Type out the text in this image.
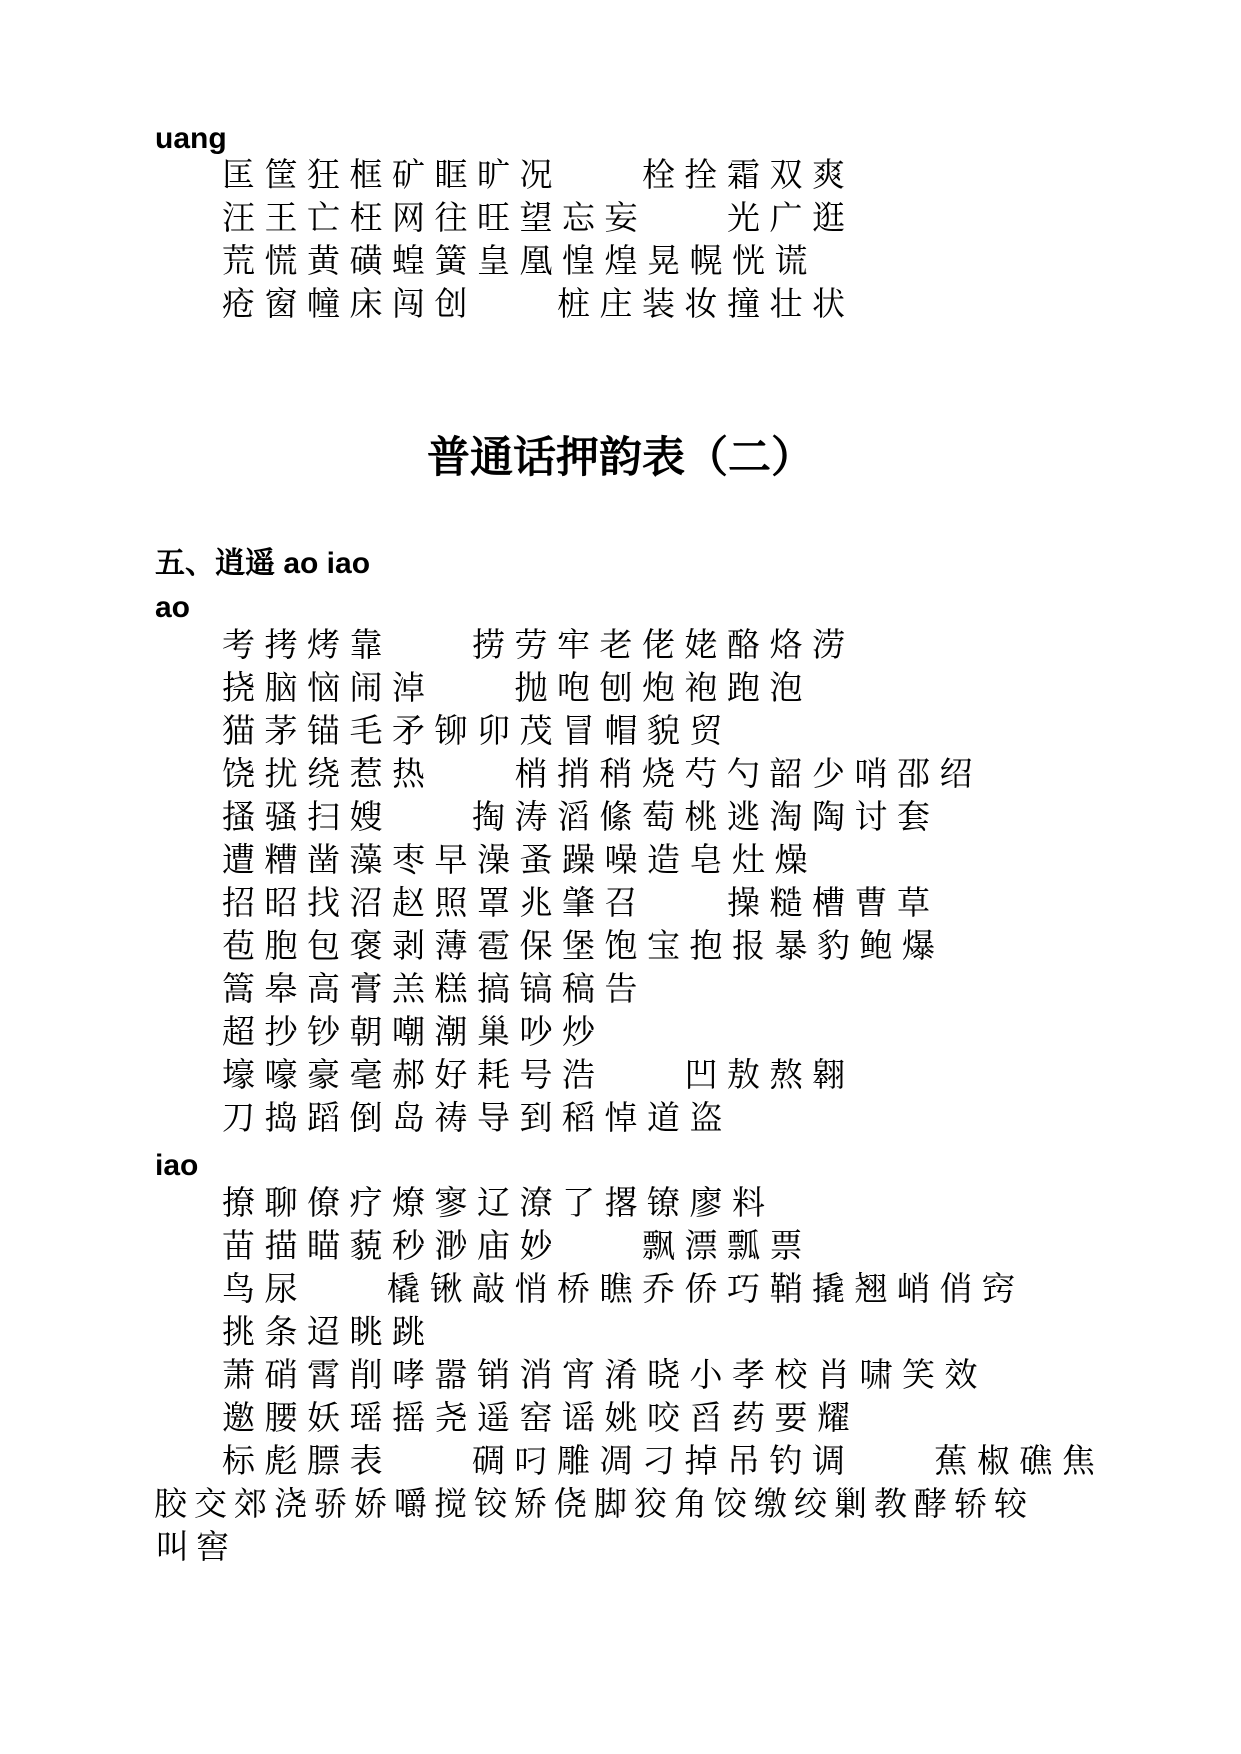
uang
匡筐狂框矿眶旷况    栓拴霜双爽
汪王亡枉网往旺望忘妄    光广逛
荒慌黄磺蝗簧皇凰惶煌晃幌恍谎
疮窗幢床闯创    桩庄装妆撞壮状
普通话押韵表（二）
五、逍遥 ao iao
ao
考拷烤靠    捞劳牢老佬姥酪烙涝
挠脑恼闹淖    抛咆刨炮袍跑泡
猫茅锚毛矛铆卯茂冒帽貌贸
饶扰绕惹热    梢捎稍烧芍勺韶少哨邵绍
搔骚扫嫂    掏涛滔絛萄桃逃淘陶讨套
遭糟凿藻枣早澡蚤躁噪造皂灶燥
招昭找沼赵照罩兆肇召    操糙槽曹草
苞胞包褒剥薄雹保堡饱宝抱报暴豹鲍爆
篙皋高膏羔糕搞镐稿告
超抄钞朝嘲潮巢吵炒
壕嚎豪毫郝好耗号浩    凹敖熬翱
刀捣蹈倒岛祷导到稻悼道盗
iao
撩聊僚疗燎寥辽潦了撂镣廖料
苗描瞄藐秒渺庙妙    飘漂瓢票
鸟尿    橇锹敲悄桥瞧乔侨巧鞘撬翘峭俏窍
挑条迢眺跳
萧硝霄削哮嚣销消宵淆晓小孝校肖啸笑效
邀腰妖瑶摇尧遥窑谣姚咬舀药要耀
标彪膘表    碉叼雕凋刁掉吊钓调    蕉椒礁焦
胶交郊浇骄娇嚼搅铰矫侥脚狡角饺缴绞剿教酵轿较
叫窖
